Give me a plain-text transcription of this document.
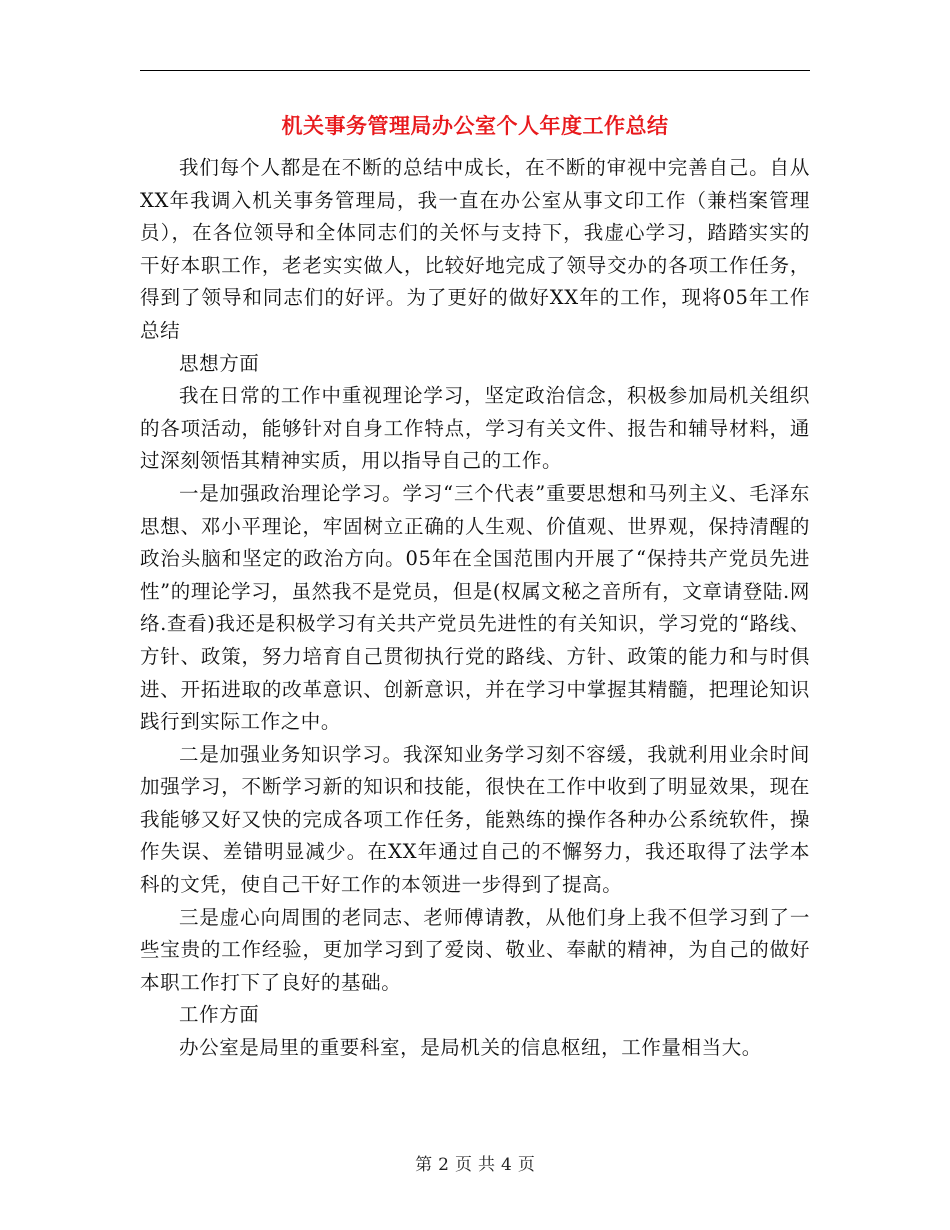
机关事务管理局办公室个人年度工作总结

我们每个人都是在不断的总结中成长，在不断的审视中完善自己。自从XX年我调入机关事务管理局，我一直在办公室从事文印工作（兼档案管理员），在各位领导和全体同志们的关怀与支持下，我虚心学习，踏踏实实的干好本职工作，老老实实做人，比较好地完成了领导交办的各项工作任务，得到了领导和同志们的好评。为了更好的做好XX年的工作，现将05年工作总结

思想方面

我在日常的工作中重视理论学习，坚定政治信念，积极参加局机关组织的各项活动，能够针对自身工作特点，学习有关文件、报告和辅导材料，通过深刻领悟其精神实质，用以指导自己的工作。

一是加强政治理论学习。学习“三个代表”重要思想和马列主义、毛泽东思想、邓小平理论，牢固树立正确的人生观、价值观、世界观，保持清醒的政治头脑和坚定的政治方向。05年在全国范围内开展了“保持共产党员先进性”的理论学习，虽然我不是党员，但是(权属文秘之音所有，文章请登陆.网络.查看)我还是积极学习有关共产党员先进性的有关知识，学习党的“路线、方针、政策，努力培育自己贯彻执行党的路线、方针、政策的能力和与时俱进、开拓进取的改革意识、创新意识，并在学习中掌握其精髓，把理论知识践行到实际工作之中。

二是加强业务知识学习。我深知业务学习刻不容缓，我就利用业余时间加强学习，不断学习新的知识和技能，很快在工作中收到了明显效果，现在我能够又好又快的完成各项工作任务，能熟练的操作各种办公系统软件，操作失误、差错明显减少。在XX年通过自己的不懈努力，我还取得了法学本科的文凭，使自己干好工作的本领进一步得到了提高。

三是虚心向周围的老同志、老师傅请教，从他们身上我不但学习到了一些宝贵的工作经验，更加学习到了爱岗、敬业、奉献的精神，为自己的做好本职工作打下了良好的基础。

工作方面

办公室是局里的重要科室，是局机关的信息枢纽，工作量相当大。

第 2 页 共 4 页
